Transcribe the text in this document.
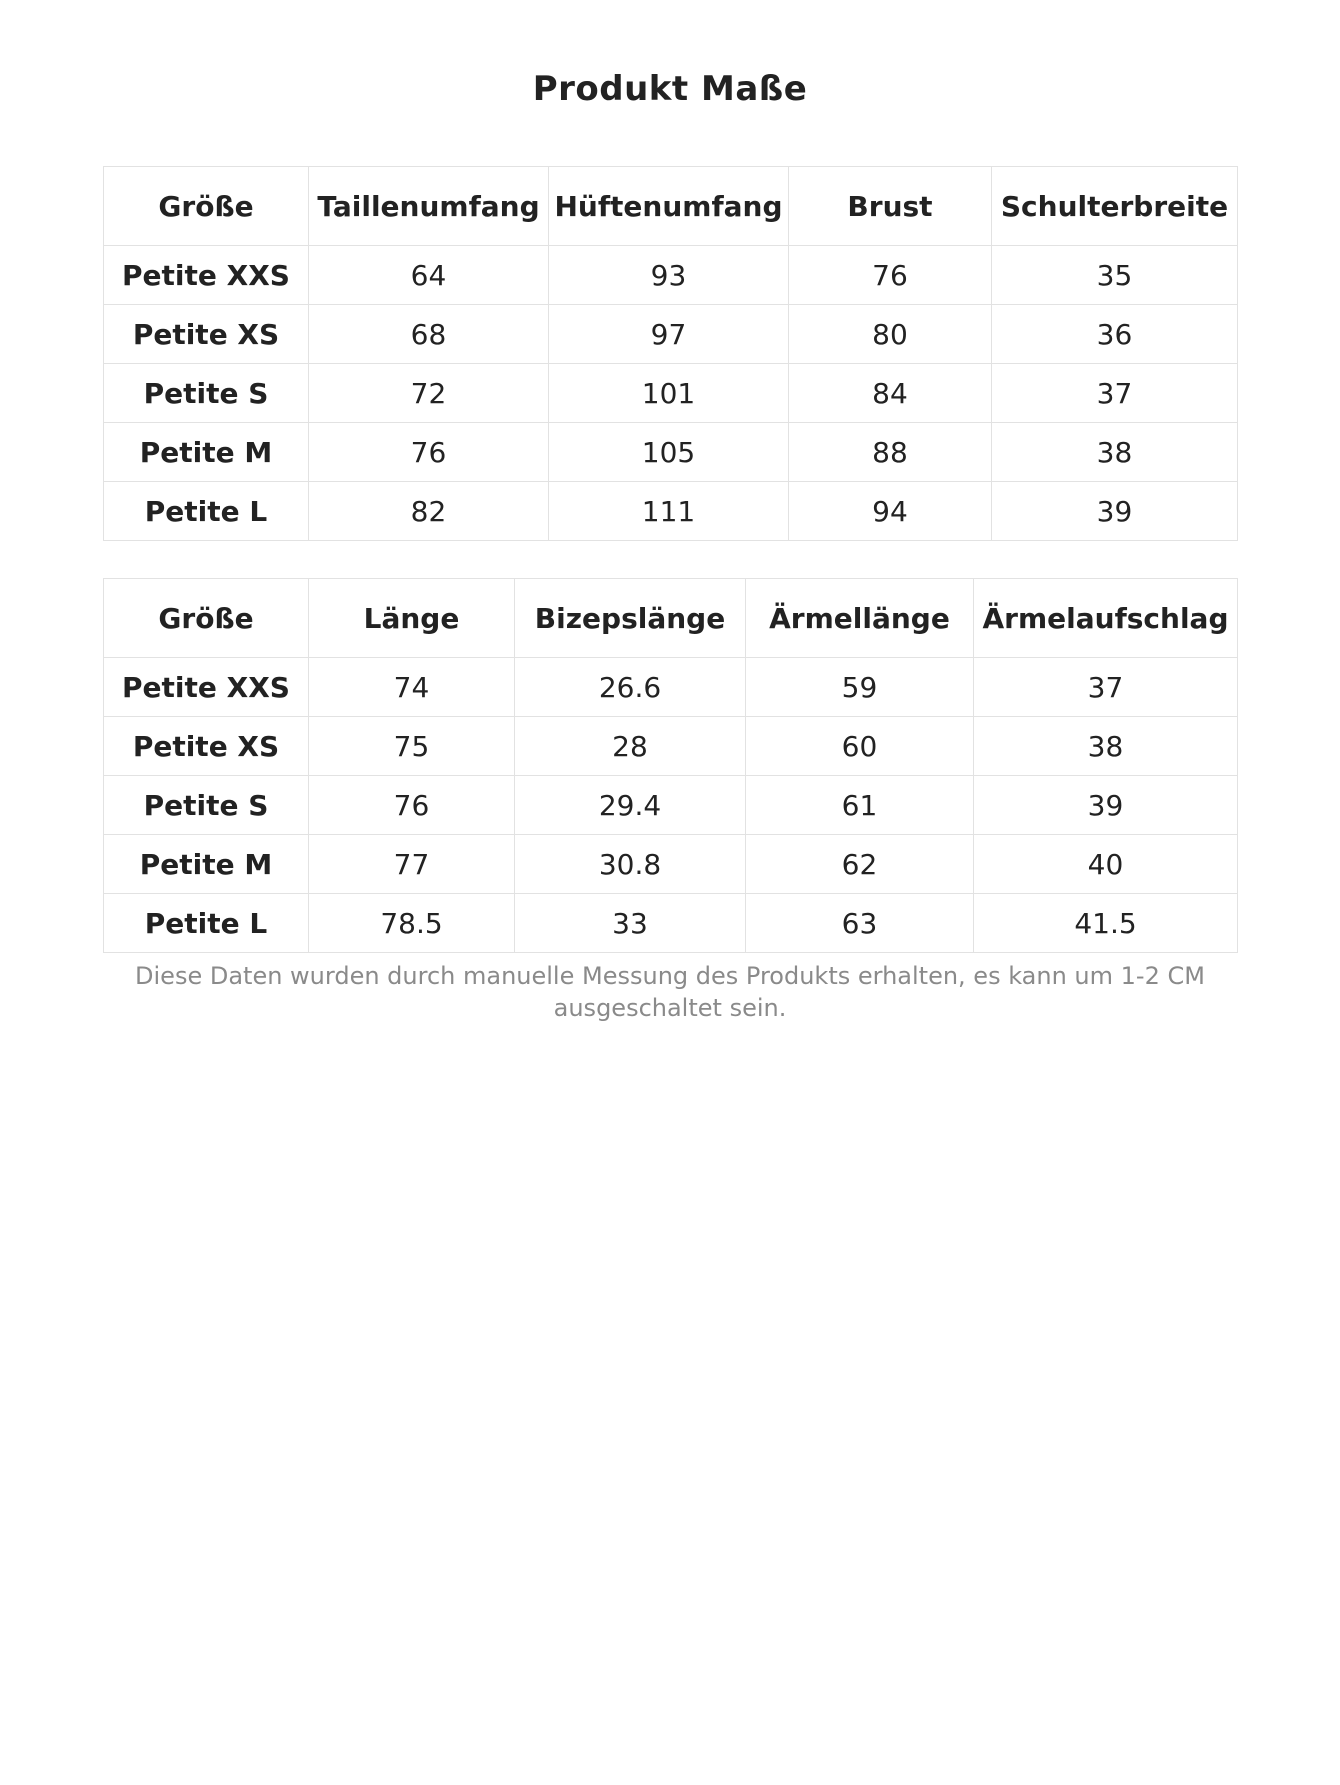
Produkt Maße
Größe	Taillenumfang	Hüftenumfang	Brust	Schulterbreite
Petite XXS	64	93	76	35
Petite XS	68	97	80	36
Petite S	72	101	84	37
Petite M	76	105	88	38
Petite L	82	111	94	39
Größe	Länge	Bizepslänge	Ärmellänge	Ärmelaufschlag
Petite XXS	74	26.6	59	37
Petite XS	75	28	60	38
Petite S	76	29.4	61	39
Petite M	77	30.8	62	40
Petite L	78.5	33	63	41.5
Diese Daten wurden durch manuelle Messung des Produkts erhalten, es kann um 1-2 CM ausgeschaltet sein.
